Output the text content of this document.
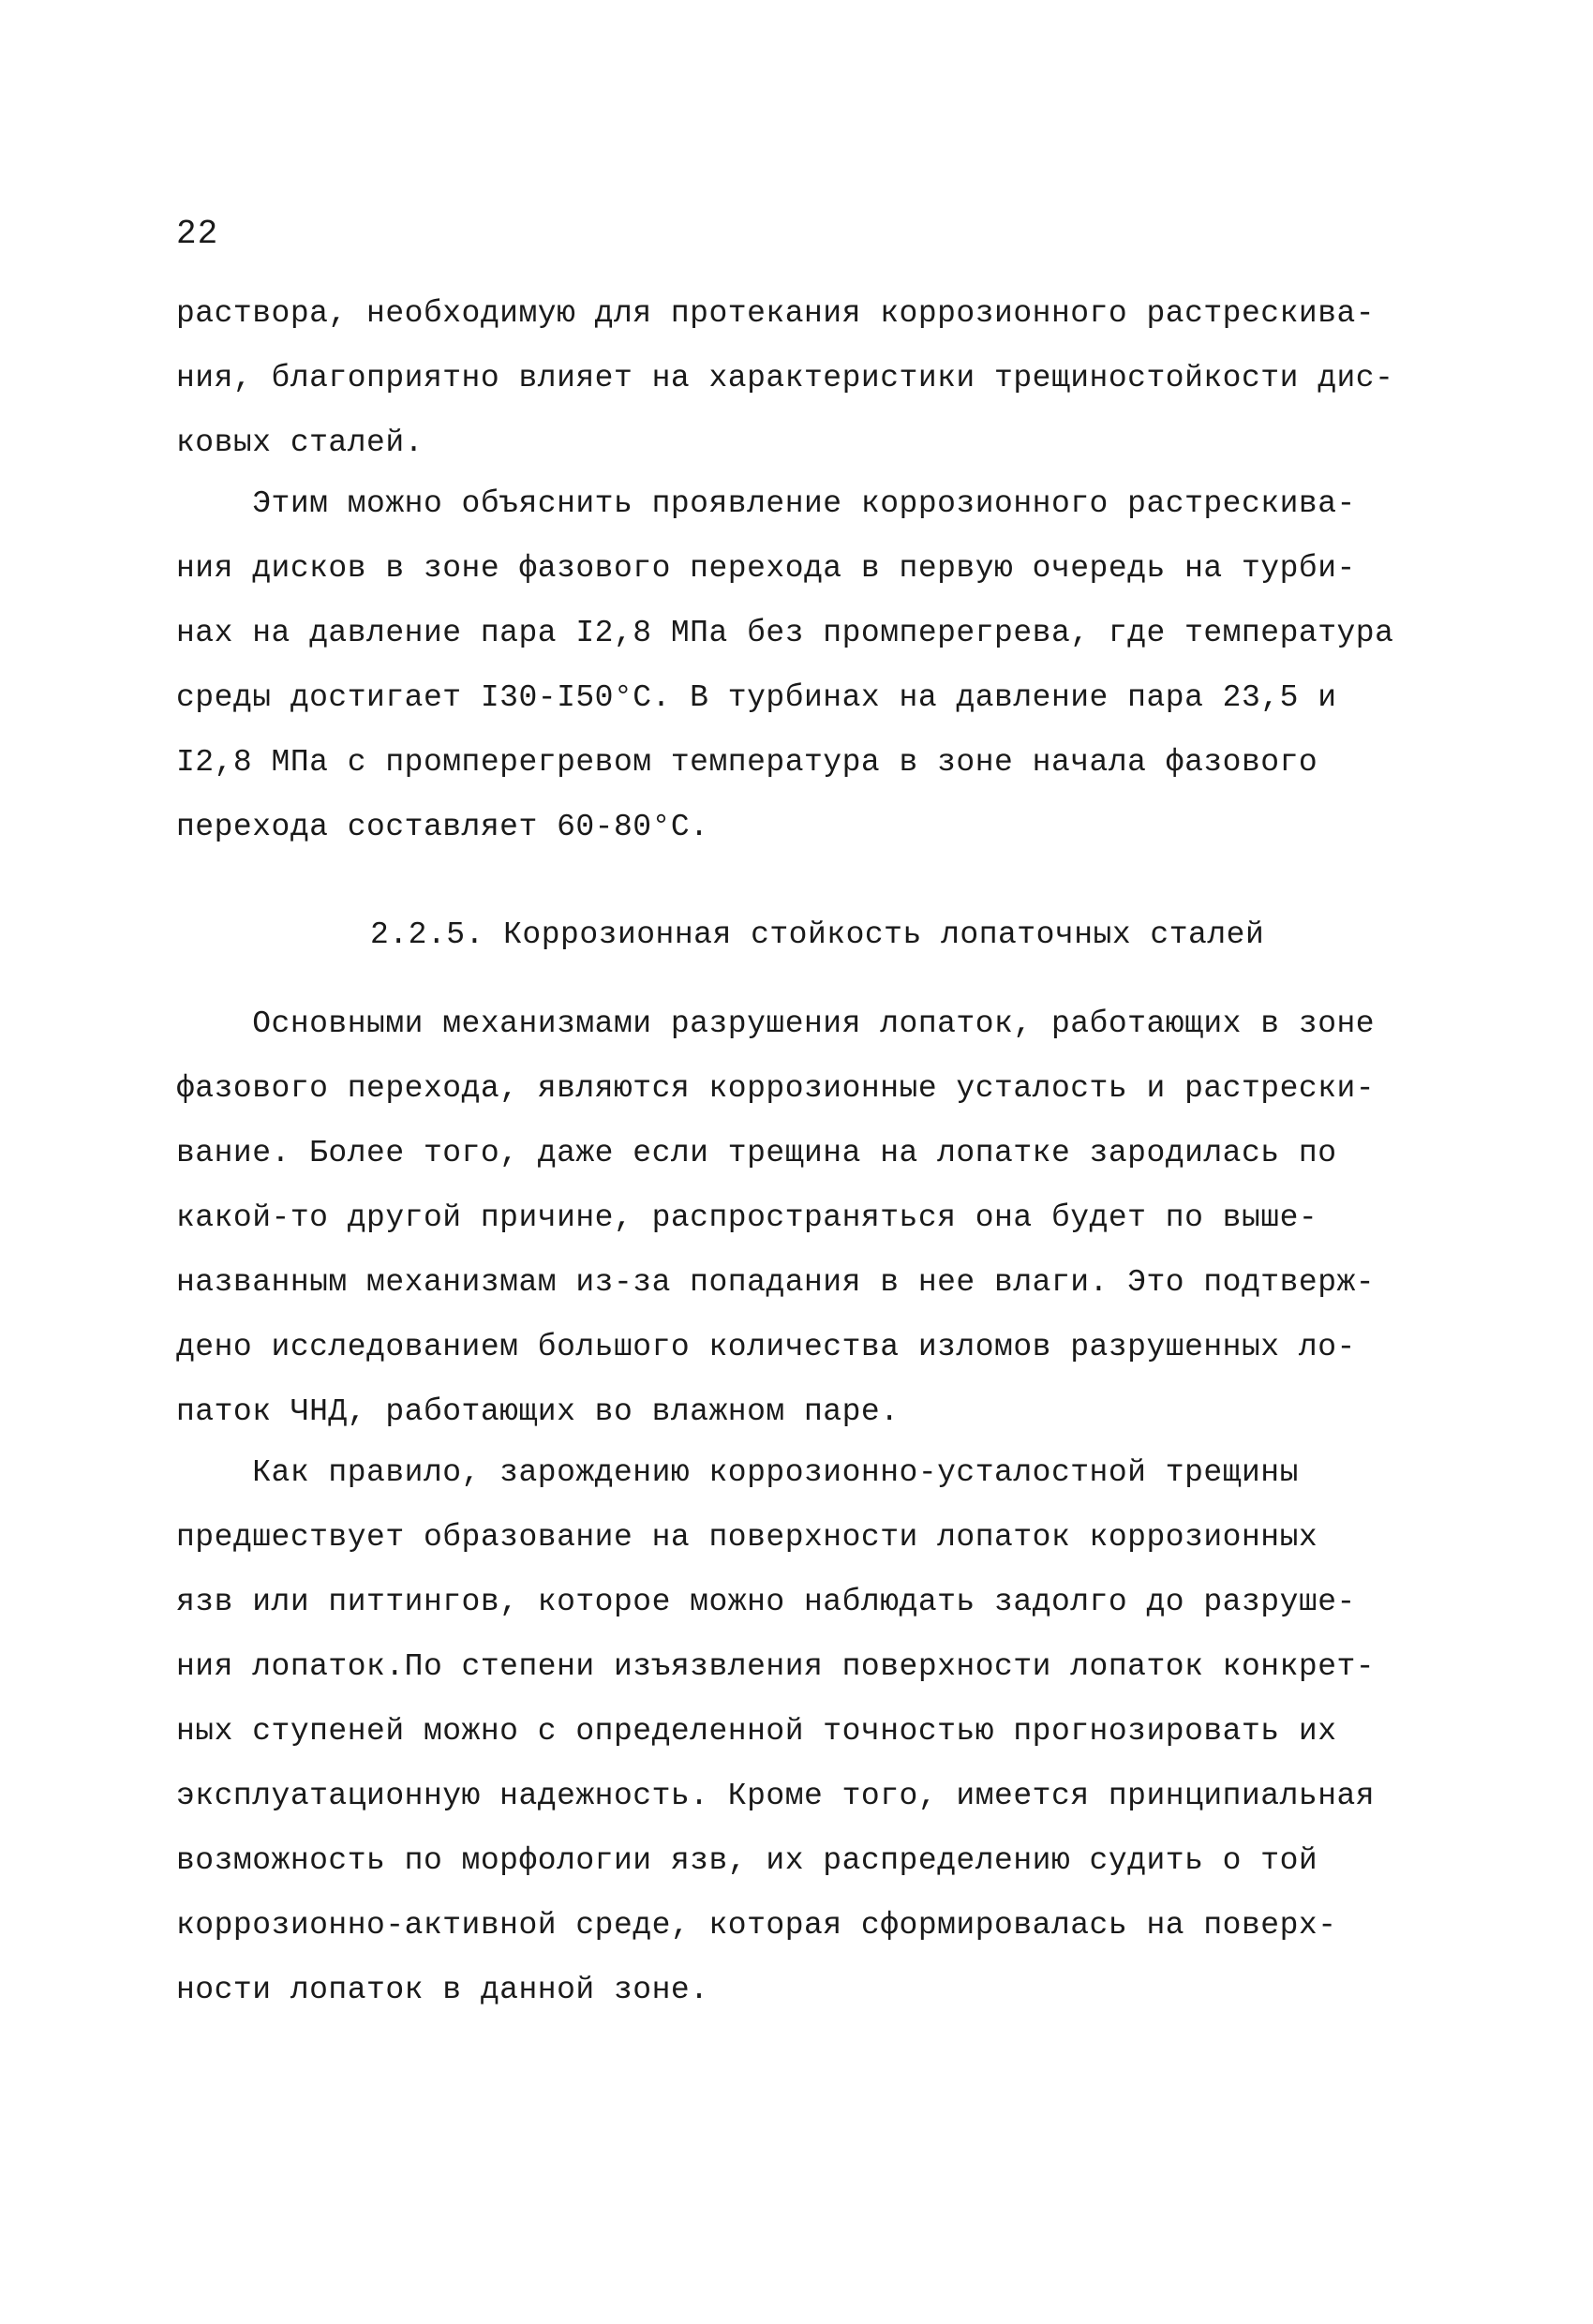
22
раствора, необходимую для протекания коррозионного растрескива-
ния, благоприятно влияет на характеристики трещиностойкости дис-
ковых сталей.
Этим можно объяснить проявление коррозионного растрескива-
ния дисков в зоне фазового перехода в первую очередь на турби-
нах на давление пара I2,8 МПа без промперегрева, где температура
среды достигает I30-I50°С. В турбинах на давление пара 23,5 и
I2,8 МПа с промперегревом температура в зоне начала фазового
перехода составляет 60-80°С.
2.2.5. Коррозионная стойкость лопаточных сталей
Основными механизмами разрушения лопаток, работающих в зоне
фазового перехода, являются коррозионные усталость и растрески-
вание. Более того, даже если трещина на лопатке зародилась по
какой-то другой причине, распространяться она будет по выше-
названным механизмам из-за попадания в нее влаги. Это подтверж-
дено исследованием большого количества изломов разрушенных ло-
паток ЧНД, работающих во влажном паре.
Как правило, зарождению коррозионно-усталостной трещины
предшествует образование на поверхности лопаток коррозионных
язв или питтингов, которое можно наблюдать задолго до разруше-
ния лопаток.По степени изъязвления поверхности лопаток конкрет-
ных ступеней можно с определенной точностью прогнозировать их
эксплуатационную надежность. Кроме того, имеется принципиальная
возможность по морфологии язв, их распределению судить о той
коррозионно-активной среде, которая сформировалась на поверх-
ности лопаток в данной зоне.
